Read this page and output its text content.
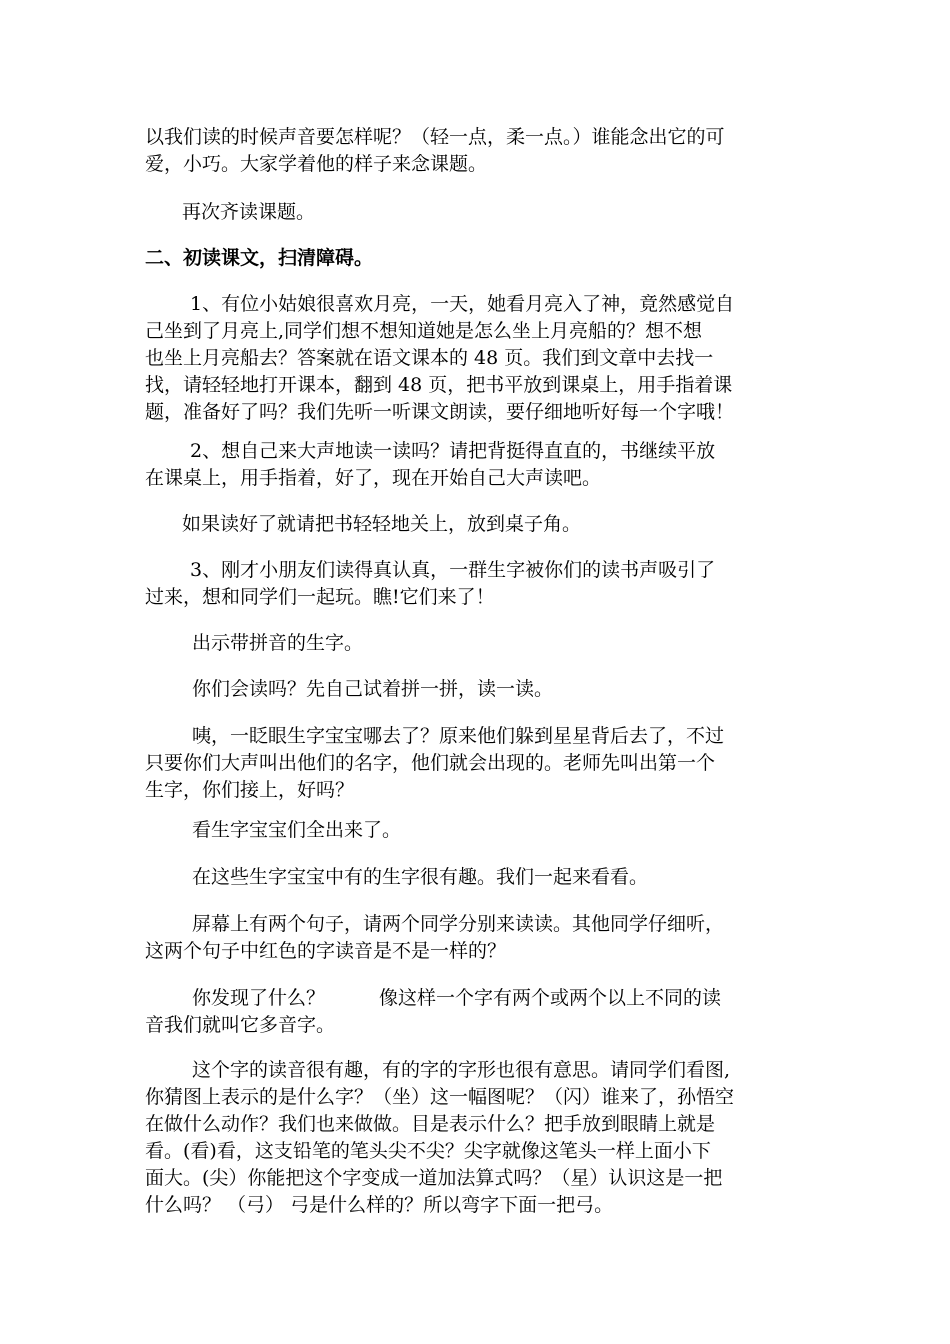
以我们读的时候声音要怎样呢？（轻一点，柔一点。）谁能念出它的可
爱，小巧。大家学着他的样子来念课题。
再次齐读课题。
二、初读课文，扫清障碍。
1、有位小姑娘很喜欢月亮，一天，她看月亮入了神，竟然感觉自
己坐到了月亮上,同学们想不想知道她是怎么坐上月亮船的？想不想
也坐上月亮船去？答案就在语文课本的 48 页。我们到文章中去找一
找，请轻轻地打开课本，翻到 48 页，把书平放到课桌上，用手指着课
题，准备好了吗？我们先听一听课文朗读，要仔细地听好每一个字哦！
2、想自己来大声地读一读吗？请把背挺得直直的，书继续平放
在课桌上，用手指着，好了，现在开始自己大声读吧。
如果读好了就请把书轻轻地关上，放到桌子角。
3、刚才小朋友们读得真认真，一群生字被你们的读书声吸引了
过来，想和同学们一起玩。瞧!它们来了！
出示带拼音的生字。
你们会读吗？先自己试着拼一拼，读一读。
咦，一眨眼生字宝宝哪去了？原来他们躲到星星背后去了，不过
只要你们大声叫出他们的名字，他们就会出现的。老师先叫出第一个
生字，你们接上，好吗？
看生字宝宝们全出来了。
在这些生字宝宝中有的生字很有趣。我们一起来看看。
屏幕上有两个句子，请两个同学分别来读读。其他同学仔细听，
这两个句子中红色的字读音是不是一样的？
你发现了什么？	像这样一个字有两个或两个以上不同的读
音我们就叫它多音字。
这个字的读音很有趣，有的字的字形也很有意思。请同学们看图,
你猜图上表示的是什么字？（坐）这一幅图呢？（闪）谁来了，孙悟空
在做什么动作？我们也来做做。目是表示什么？把手放到眼睛上就是
看。(看)看，这支铅笔的笔头尖不尖？尖字就像这笔头一样上面小下
面大。(尖）你能把这个字变成一道加法算式吗？（星）认识这是一把
什么吗？ （弓） 弓是什么样的？所以弯字下面一把弓。
